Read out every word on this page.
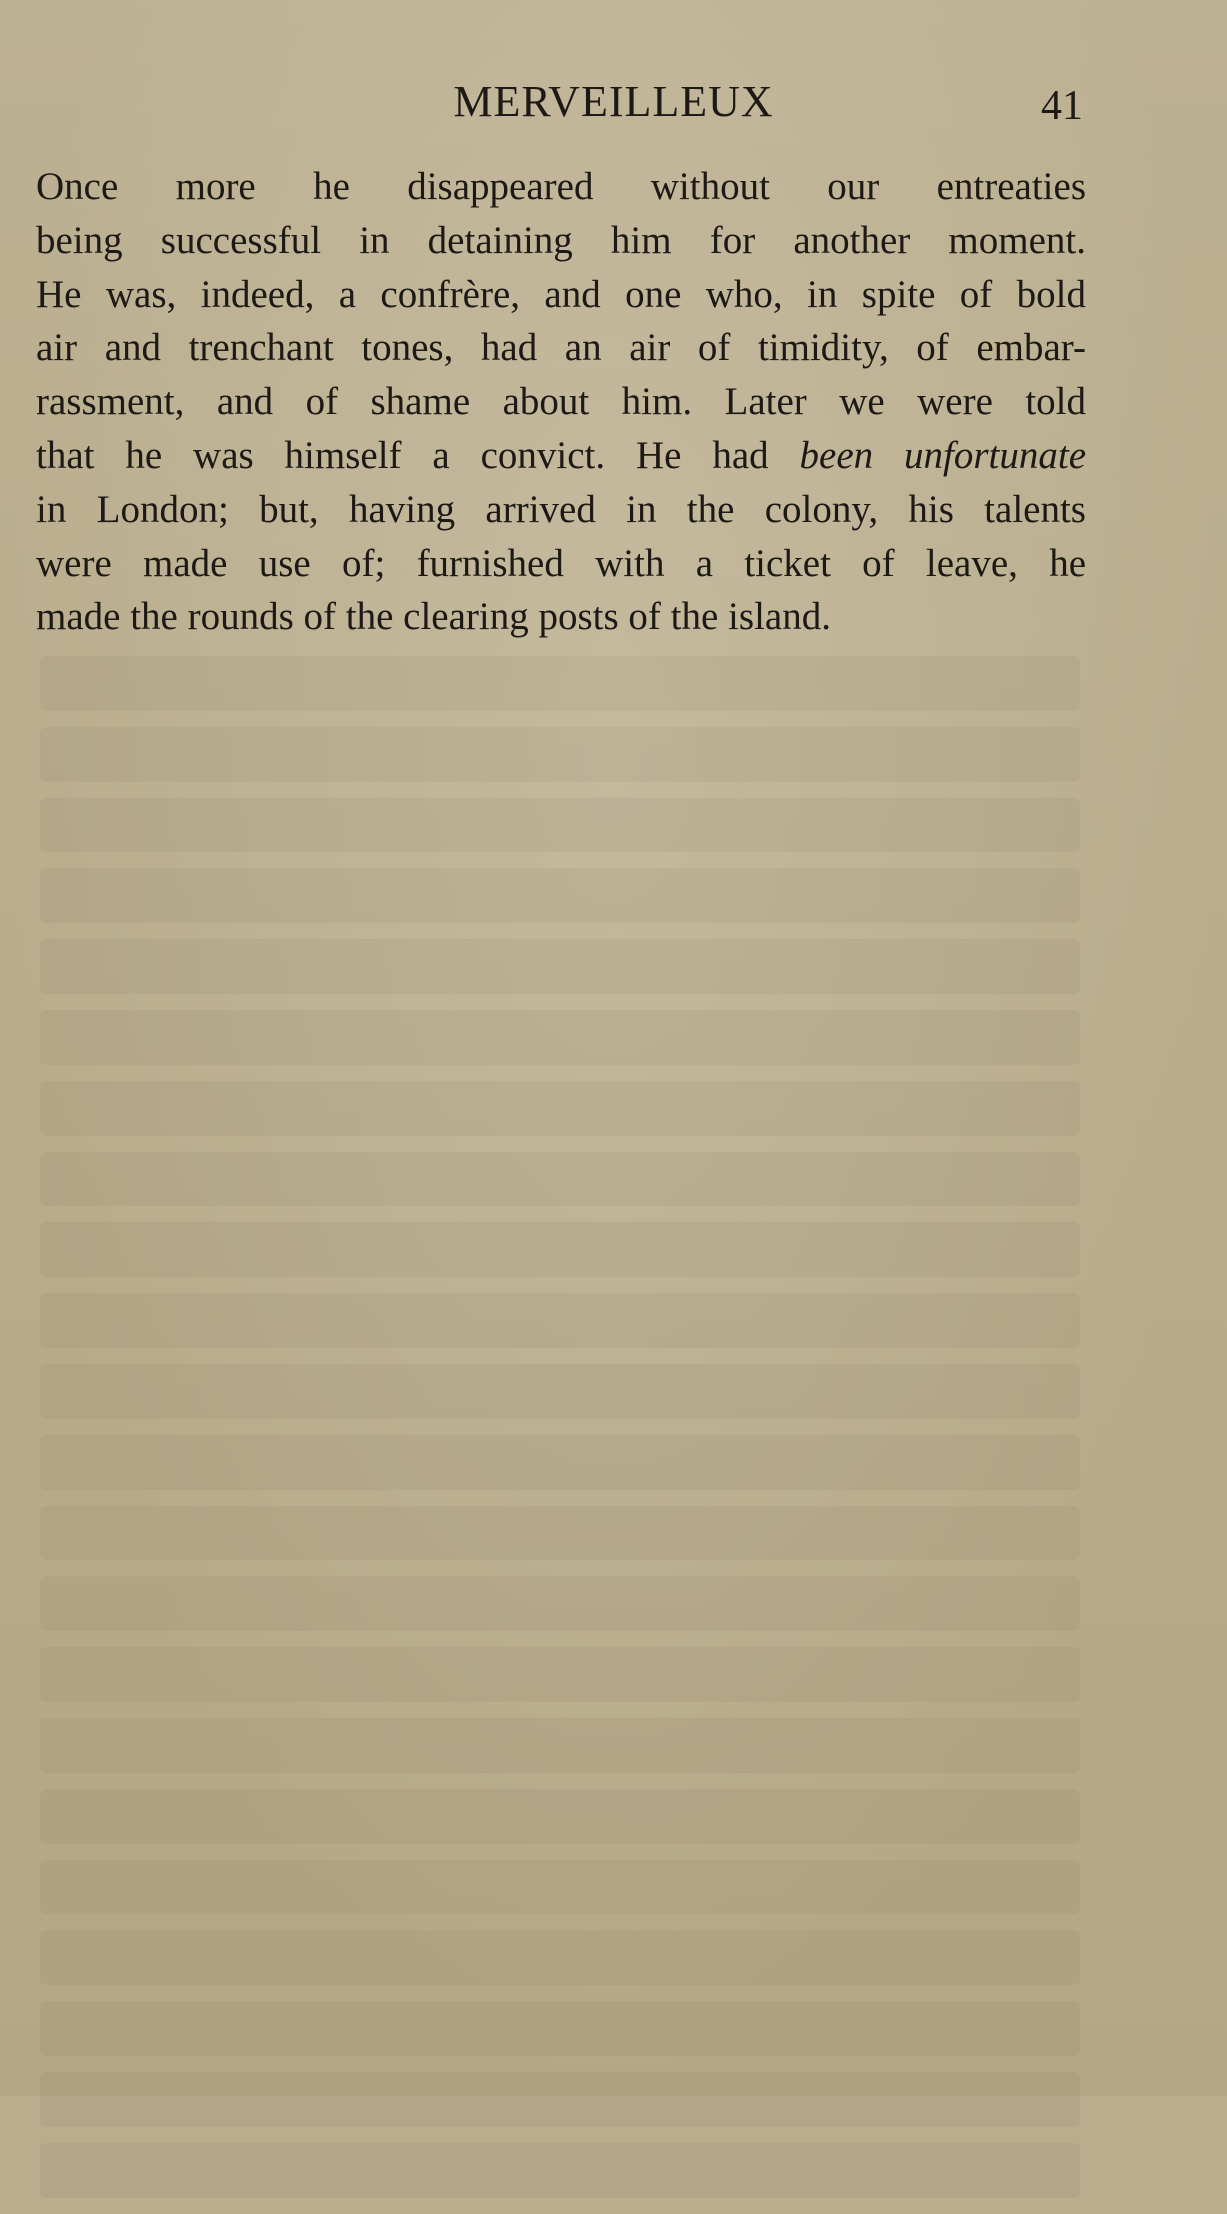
MERVEILLEUX	41
Once more he disappeared without our entreaties
being successful in detaining him for another moment.
He was, indeed, a confrère, and one who, in spite of bold
air and trenchant tones, had an air of timidity, of embar-
rassment, and of shame about him. Later we were told
that he was himself a convict. He had been unfortunate
in London; but, having arrived in the colony, his talents
were made use of; furnished with a ticket of leave, he
made the rounds of the clearing posts of the island.
